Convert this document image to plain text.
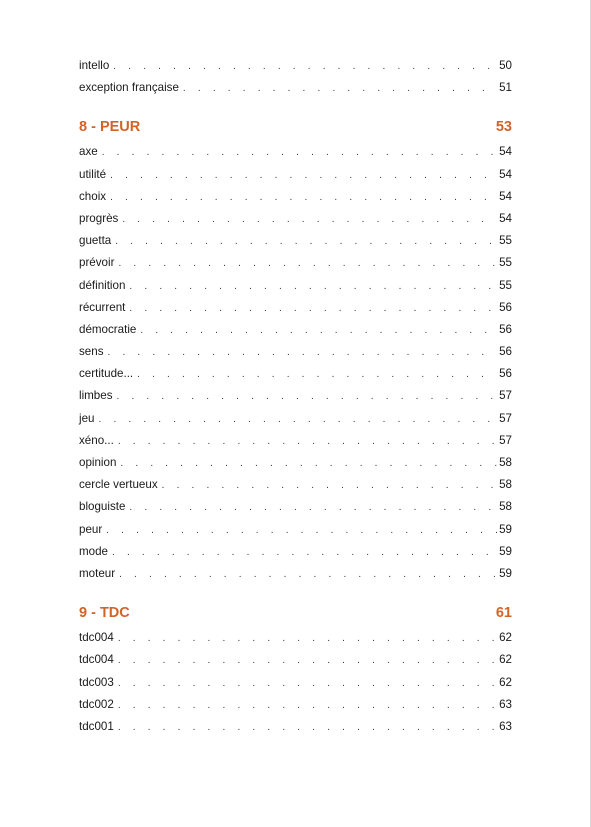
intello . . .	50
exception française . . .	51
8 - PEUR	53
axe . . .	54
utilité . . .	54
choix . . .	54
progrès . . .	54
guetta . . .	55
prévoir . . .	55
définition . . .	55
récurrent . . .	56
démocratie . . .	56
sens . . .	56
certitude... . . .	56
limbes . . .	57
jeu . . .	57
xéno... . . .	57
opinion . . .	58
cercle vertueux . . .	58
bloguiste . . .	58
peur . . .	59
mode . . .	59
moteur . . .	59
9 - TDC	61
tdc004 . . .	62
tdc004 . . .	62
tdc003 . . .	62
tdc002 . . .	63
tdc001 . . .	63
